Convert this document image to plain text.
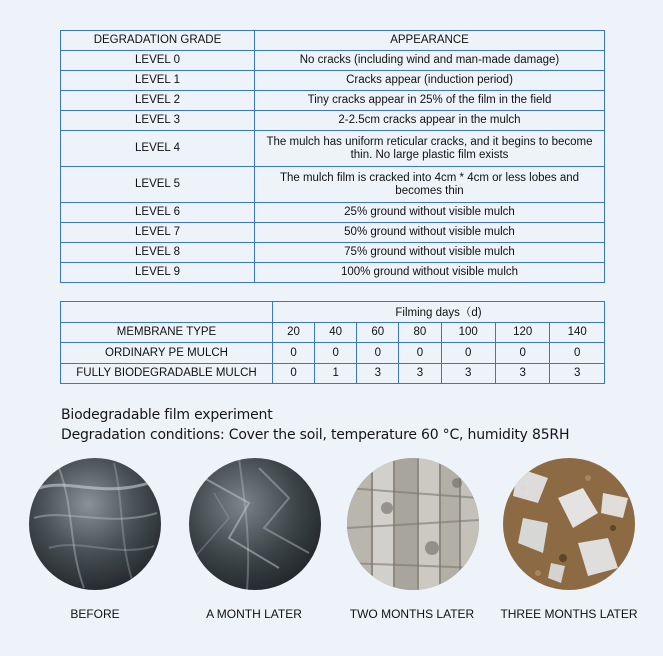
DEGRADATION GRADE	APPEARANCE
LEVEL 0	No cracks (including wind and man-made damage)
LEVEL 1	Cracks appear (induction period)
LEVEL 2	Tiny cracks appear in 25% of the film in the field
LEVEL 3	2-2.5cm cracks appear in the mulch
LEVEL 4	The mulch has uniform reticular cracks, and it begins to become thin. No large plastic film exists
LEVEL 5	The mulch film is cracked into 4cm * 4cm or less lobes and becomes thin
LEVEL 6	25% ground without visible mulch
LEVEL 7	50% ground without visible mulch
LEVEL 8	75% ground without visible mulch
LEVEL 9	100% ground without visible mulch
	Filming days（d)						
MEMBRANE TYPE	20	40	60	80	100	120	140
ORDINARY PE MULCH	0	0	0	0	0	0	0
FULLY BIODEGRADABLE MULCH	0	1	3	3	3	3	3
Biodegradable film experiment
Degradation conditions: Cover the soil, temperature 60 °C, humidity 85RH
BEFORE	A MONTH LATER	TWO MONTHS LATER	THREE MONTHS LATER
